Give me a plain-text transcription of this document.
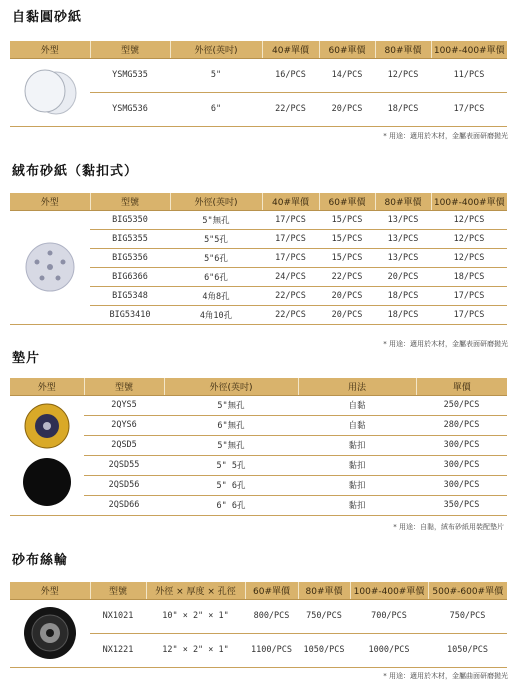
自黏圓砂紙
外型	型號	外徑(英吋)	40#單價	60#單價	80#單價	100#-400#單價

	YSMG535	5"	16/PCS	14/PCS	12/PCS	11/PCS
	YSMG536	6"	22/PCS	20/PCS	18/PCS	17/PCS
* 用途：適用於木材，金屬表面研磨拋光
絨布砂紙（黏扣式）
外型	型號	外徑(英吋)	40#單價	60#單價	80#單價	100#-400#單價

	BIG5350	5"無孔	17/PCS	15/PCS	13/PCS	12/PCS
	BIG5355	5"5孔	17/PCS	15/PCS	13/PCS	12/PCS
	BIG5356	5"6孔	17/PCS	15/PCS	13/PCS	12/PCS
	BIG6366	6"6孔	24/PCS	22/PCS	20/PCS	18/PCS
	BIG5348	4角8孔	22/PCS	20/PCS	18/PCS	17/PCS
	BIG53410	4角10孔	22/PCS	20/PCS	18/PCS	17/PCS
* 用途：適用於木材，金屬表面研磨拋光
墊片
外型	型號	外徑(英吋)	用法	單價

	2QYS5	5"無孔	自黏	250/PCS
	2QYS6	6"無孔	自黏	280/PCS
	2QSD5	5"無孔	黏扣	300/PCS
	2QSD55	5" 5孔	黏扣	300/PCS
	2QSD56	5" 6孔	黏扣	300/PCS
	2QSD66	6" 6孔	黏扣	350/PCS
* 用途：自黏，絨布砂紙用裝配墊片
砂布絲輪
外型	型號	外徑 × 厚度 × 孔徑	60#單價	80#單價	100#-400#單價	500#-600#單價

	NX1021	10" × 2" × 1"	800/PCS	750/PCS	700/PCS	750/PCS
	NX1221	12" × 2" × 1"	1100/PCS	1050/PCS	1000/PCS	1050/PCS
* 用途：適用於木材，金屬曲面研磨拋光
